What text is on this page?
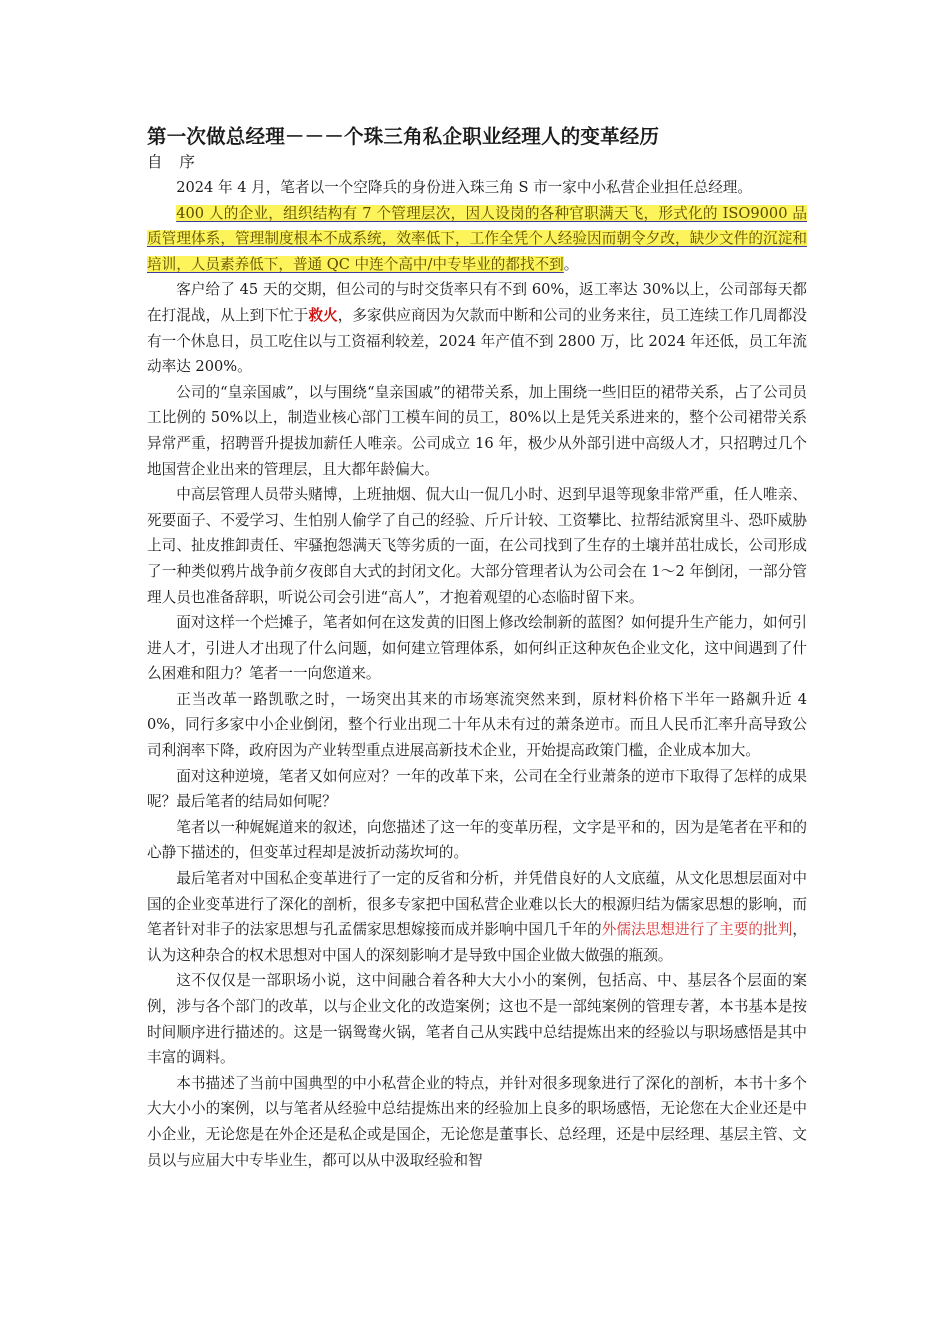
第一次做总经理－－－个珠三角私企职业经理人的变革经历

自 序

2024 年 4 月，笔者以一个空降兵的身份进入珠三角 S 市一家中小私营企业担任总经理。

400 人的企业，组织结构有 7 个管理层次，因人设岗的各种官职满天飞，形式化的 ISO9000 品质管理体系，管理制度根本不成系统，效率低下，工作全凭个人经验因而朝令夕改，缺少文件的沉淀和培训，人员素养低下，普通 QC 中连个高中/中专毕业的都找不到。

客户给了 45 天的交期，但公司的与时交货率只有不到 60%，返工率达 30%以上，公司部每天都在打混战，从上到下忙于救火，多家供应商因为欠款而中断和公司的业务来往，员工连续工作几周都没有一个休息日，员工吃住以与工资福利较差，2024 年产值不到 2800 万，比 2024 年还低，员工年流动率达 200%。

公司的“皇亲国戚”，以与围绕“皇亲国戚”的裙带关系，加上围绕一些旧臣的裙带关系，占了公司员工比例的 50%以上，制造业核心部门工模车间的员工，80%以上是凭关系进来的，整个公司裙带关系异常严重，招聘晋升提拔加薪任人唯亲。公司成立 16 年，极少从外部引进中高级人才，只招聘过几个地国营企业出来的管理层，且大都年龄偏大。

中高层管理人员带头赌博，上班抽烟、侃大山一侃几小时、迟到早退等现象非常严重，任人唯亲、死要面子、不爱学习、生怕别人偷学了自己的经验、斤斤计较、工资攀比、拉帮结派窝里斗、恐吓威胁上司、扯皮推卸责任、牢骚抱怨满天飞等劣质的一面，在公司找到了生存的土壤并茁壮成长，公司形成了一种类似鸦片战争前夕夜郎自大式的封闭文化。大部分管理者认为公司会在 1～2 年倒闭，一部分管理人员也准备辞职，听说公司会引进“高人”，才抱着观望的心态临时留下来。

面对这样一个烂摊子，笔者如何在这发黄的旧图上修改绘制新的蓝图？如何提升生产能力，如何引进人才，引进人才出现了什么问题，如何建立管理体系，如何纠正这种灰色企业文化，这中间遇到了什么困难和阻力？笔者一一向您道来。

正当改革一路凯歌之时，一场突出其来的市场寒流突然来到，原材料价格下半年一路飙升近 40%，同行多家中小企业倒闭，整个行业出现二十年从未有过的萧条逆市。而且人民币汇率升高导致公司利润率下降，政府因为产业转型重点进展高新技术企业，开始提高政策门槛，企业成本加大。

面对这种逆境，笔者又如何应对？一年的改革下来，公司在全行业萧条的逆市下取得了怎样的成果呢？最后笔者的结局如何呢？

笔者以一种娓娓道来的叙述，向您描述了这一年的变革历程，文字是平和的，因为是笔者在平和的心静下描述的，但变革过程却是波折动荡坎坷的。

最后笔者对中国私企变革进行了一定的反省和分析，并凭借良好的人文底蕴，从文化思想层面对中国的企业变革进行了深化的剖析，很多专家把中国私营企业难以长大的根源归结为儒家思想的影响，而笔者针对非子的法家思想与孔孟儒家思想嫁接而成并影响中国几千年的外儒法思想进行了主要的批判，认为这种杂合的权术思想对中国人的深刻影响才是导致中国企业做大做强的瓶颈。

这不仅仅是一部职场小说，这中间融合着各种大大小小的案例，包括高、中、基层各个层面的案例，涉与各个部门的改革，以与企业文化的改造案例；这也不是一部纯案例的管理专著，本书基本是按时间顺序进行描述的。这是一锅鸳鸯火锅，笔者自己从实践中总结提炼出来的经验以与职场感悟是其中丰富的调料。

本书描述了当前中国典型的中小私营企业的特点，并针对很多现象进行了深化的剖析，本书十多个大大小小的案例，以与笔者从经验中总结提炼出来的经验加上良多的职场感悟，无论您在大企业还是中小企业，无论您是在外企还是私企或是国企，无论您是董事长、总经理，还是中层经理、基层主管、文员以与应届大中专毕业生，都可以从中汲取经验和智
